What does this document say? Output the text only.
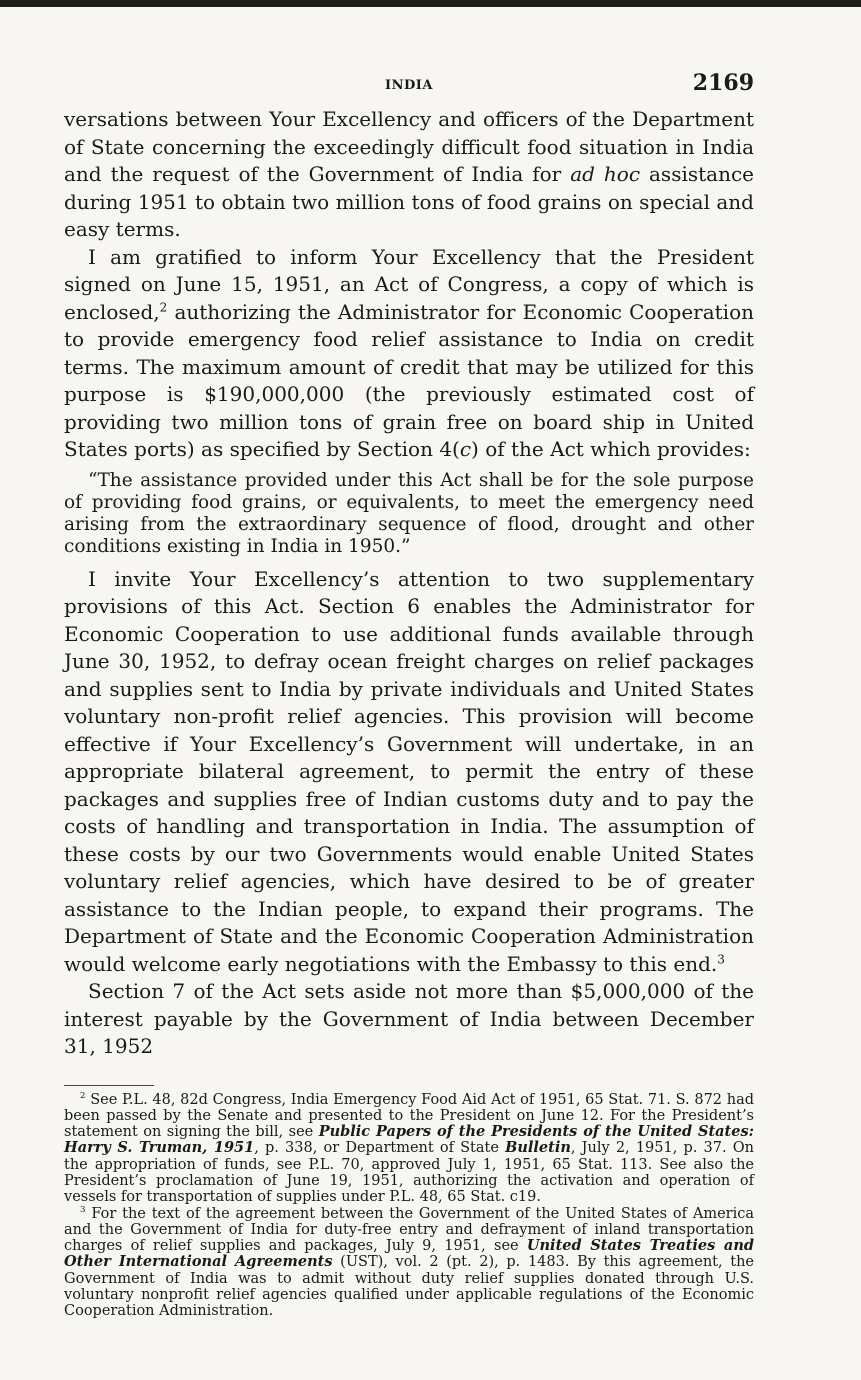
INDIA	2169

versations between Your Excellency and officers of the Department of State concerning the exceedingly difficult food situation in India and the request of the Government of India for ad hoc assistance during 1951 to obtain two million tons of food grains on special and easy terms.

I am gratified to inform Your Excellency that the President signed on June 15, 1951, an Act of Congress, a copy of which is enclosed,$^2$ authorizing the Administrator for Economic Cooperation to provide emergency food relief assistance to India on credit terms. The maximum amount of credit that may be utilized for this purpose is $190,000,000 (the previously estimated cost of providing two million tons of grain free on board ship in United States ports) as specified by Section 4(c) of the Act which provides:

“The assistance provided under this Act shall be for the sole purpose of providing food grains, or equivalents, to meet the emergency need arising from the extraordinary sequence of flood, drought and other conditions existing in India in 1950.”

I invite Your Excellency’s attention to two supplementary provisions of this Act. Section 6 enables the Administrator for Economic Cooperation to use additional funds available through June 30, 1952, to defray ocean freight charges on relief packages and supplies sent to India by private individuals and United States voluntary non-profit relief agencies. This provision will become effective if Your Excellency’s Government will undertake, in an appropriate bilateral agreement, to permit the entry of these packages and supplies free of Indian customs duty and to pay the costs of handling and transportation in India. The assumption of these costs by our two Governments would enable United States voluntary relief agencies, which have desired to be of greater assistance to the Indian people, to expand their programs. The Department of State and the Economic Cooperation Administration would welcome early negotiations with the Embassy to this end.$^3$

Section 7 of the Act sets aside not more than $5,000,000 of the interest payable by the Government of India between December 31, 1952

$^2$ See P.L. 48, 82d Congress, India Emergency Food Aid Act of 1951, 65 Stat. 71. S. 872 had been passed by the Senate and presented to the President on June 12. For the President’s statement on signing the bill, see Public Papers of the Presidents of the United States: Harry S. Truman, 1951, p. 338, or Department of State Bulletin, July 2, 1951, p. 37. On the appropriation of funds, see P.L. 70, approved July 1, 1951, 65 Stat. 113. See also the President’s proclamation of June 19, 1951, authorizing the activation and operation of vessels for transportation of supplies under P.L. 48, 65 Stat. c19.

$^3$ For the text of the agreement between the Government of the United States of America and the Government of India for duty-free entry and defrayment of inland transportation charges of relief supplies and packages, July 9, 1951, see United States Treaties and Other International Agreements (UST), vol. 2 (pt. 2), p. 1483. By this agreement, the Government of India was to admit without duty relief supplies donated through U.S. voluntary nonprofit relief agencies qualified under applicable regulations of the Economic Cooperation Administration.
